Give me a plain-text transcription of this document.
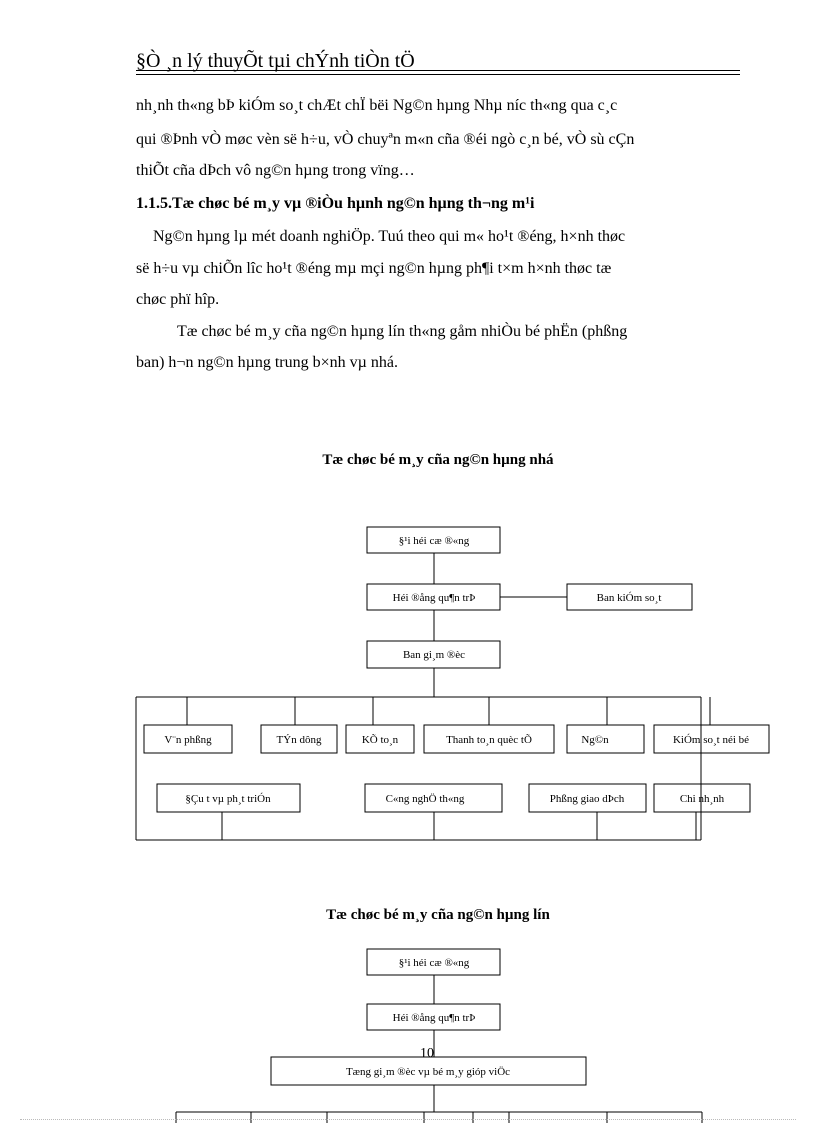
§Ò ¸n lý thuyÕt tµi chÝnh tiÒn tÖ
nh¸nh th«ng bÞ kiÓm so¸t chÆt chÏ bëi Ng©n hµng Nhµ níc th«ng qua c¸c
qui ®Þnh vÒ møc vèn së h÷u, vÒ chuyªn m«n cña ®éi ngò c¸n bé, vÒ sù cÇn
thiÕt cña dÞch vô ng©n hµng trong vïng…
1.1.5.Tæ chøc bé m¸y vµ ®iÒu hµnh ng©n hµng th¬ng m¹i
Ng©n hµng lµ mét doanh nghiÖp. Tuú theo qui m« ho¹t ®éng, h×nh thøc
së h÷u vµ chiÕn lîc ho¹t ®éng mµ mçi ng©n hµng ph¶i t×m h×nh thøc tæ
chøc phï hîp.
Tæ chøc bé m¸y cña ng©n hµng lín th«ng gåm nhiÒu bé phËn (phßng
ban) h¬n ng©n hµng trung b×nh vµ nhá.
Tæ chøc bé m¸y cña ng©n hµng nhá
§¹i héi cæ ®«ng
Héi ®ång qu¶n trÞ	Ban kiÓm so¸t
Ban gi¸m ®èc
V¨n phßng	TÝn dông	KÕ to¸n	Thanh to¸n quèc tÕ	Ng©n	KiÓm so¸t néi bé
§Çu t vµ ph¸t triÓn	C«ng nghÖ th«ng	Phßng giao dÞch	Chi nh¸nh
Tæ chøc bé m¸y cña ng©n hµng lín
§¹i héi cæ ®«ng
Héi ®ång qu¶n trÞ
Tæng gi¸m ®èc vµ bé m¸y gióp viÖc
10
